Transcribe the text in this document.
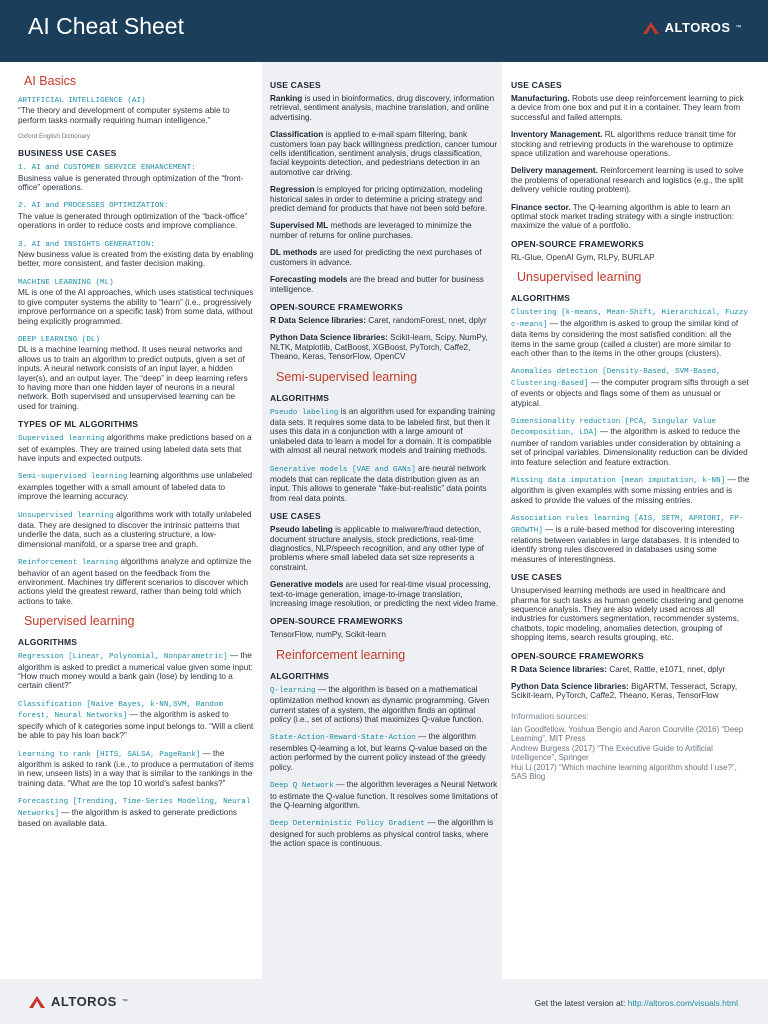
AI Cheat Sheet	ALTOROS ™
AI Basics
ARTIFICIAL INTELLIGENCE (AI)
“The theory and development of computer systems able to perform tasks normally requiring human intelligence.”
Oxford English Dictionary
BUSINESS USE CASES
1. AI and CUSTOMER SERVICE ENHANCEMENT:
Business value is generated through optimization of the “front-office” operations.
2. AI and PROCESSES OPTIMIZATION:
The value is generated through optimization of the “back-office” operations in order to reduce costs and improve compliance.
3. AI and INSIGHTS GENERATION:
New business value is created from the existing data by enabling better, more consistent, and faster decision making.
MACHINE LEARNING (ML)
ML is one of the AI approaches, which uses statistical techniques to give computer systems the ability to “learn” (i.e., progressively improve performance on a specific task) from some data, without being explicitly programmed.
DEEP LEARNING (DL)
DL is a machine learning method. It uses neural networks and allows us to train an algorithm to predict outputs, given a set of inputs. A neural network consists of an input layer, a hidden layer(s), and an output layer. The “deep” in deep learning refers to having more than one hidden layer of neurons in a neural network. Both supervised and unsupervised learning can be used for training.
TYPES OF ML ALGORITHMS
Supervised learning algorithms make predictions based on a set of examples. They are trained using labeled data sets that have inputs and expected outputs.
Semi-supervised learning learning algorithms use unlabeled examples together with a small amount of labeled data to improve the learning accuracy.
Unsupervised learning algorithms work with totally unlabeled data. They are designed to discover the intrinsic patterns that underlie the data, such as a clustering structure, a low-dimensional manifold, or a sparse tree and graph.
Reinforcement learning algorithms analyze and optimize the behavior of an agent based on the feedback from the environment. Machines try different scenarios to discover which actions yield the greatest reward, rather than being told which actions to take.
Supervised learning
ALGORITHMS
Regression [Linear, Polynomial, Nonparametric] — the algorithm is asked to predict a numerical value given some input: “How much money would a bank gain (lose) by lending to a certain client?”
Classification [Naive Bayes, k-NN,SVM, Random forest, Neural Networks] — the algorithm is asked to specify which of k categories some input belongs to. “Will a client be able to pay his loan back?”
Learning to rank [HITS, SALSA, PageRank] — the algorithm is asked to rank (i.e., to produce a permutation of items in new, unseen lists) in a way that is similar to the rankings in the training data. “What are the top 10 world’s safest banks?”
Forecasting [Trending, Time-Series Modeling, Neural Networks] — the algorithm is asked to generate predictions based on available data.
USE CASES
Ranking is used in bioinformatics, drug discovery, information retrieval, sentiment analysis, machine translation, and online advertising.
Classification is applied to e-mail spam filtering, bank customers loan pay back willingness prediction, cancer tumour cells identification, sentiment analysis, drugs classification, facial keypoints detection, and pedestrians detection in an automotive car driving.
Regression is employed for pricing optimization, modeling historical sales in order to determine a pricing strategy and predict demand for products that have not been sold before.
Supervised ML methods are leveraged to minimize the number of returns for online purchases.
DL methods are used for predicting the next purchases of customers in advance.
Forecasting models are the bread and butter for business intelligence.
OPEN-SOURCE FRAMEWORKS
R Data Science libraries: Caret, randomForest, nnet, dplyr
Python Data Science libraries: Scikit-learn, Scipy, NumPy, NLTK, Matplotlib, CatBoost, XGBoost, PyTorch, Caffe2, Theano, Keras, TensorFlow, OpenCV
Semi-supervised learning
ALGORITHMS
Pseudo labeling is an algorithm used for expanding training data sets. It requires some data to be labeled first, but then it uses this data in a conjunction with a large amount of unlabeled data to learn a model for a domain. It is compatible with almost all neural network models and training methods.
Generative models [VAE and GANs] are neural network models that can replicate the data distribution given as an input. This allows to generate “fake-but-realistic” data points from real data points.
USE CASES
Pseudo labeling is applicable to malware/fraud detection, document structure analysis, stock predictions, real-time diagnostics, NLP/speech recognition, and any other type of problems where small labeled data set size represents a constraint.
Generative models are used for real-time visual processing, text-to-image generation, image-to-image translation, increasing image resolution, or predicting the next video frame.
OPEN-SOURCE FRAMEWORKS
TensorFlow, numPy, Scikit-learn
Reinforcement learning
ALGORITHMS
Q-learning — the algorithm is based on a mathematical optimization method known as dynamic programming. Given current states of a system, the algorithm finds an optimal policy (i.e., set of actions) that maximizes Q-value function.
State-Action-Reward-State-Action — the algorithm resembles Q-learning a lot, but learns Q-value based on the action performed by the current policy instead of the greedy policy.
Deep Q Network — the algorithm leverages a Neural Network to estimate the Q-value function. It resolves some limitations of the Q-learning algorithm.
Deep Deterministic Policy Gradient — the algorithm is designed for such problems as physical control tasks, where the action space is continuous.
USE CASES
Manufacturing. Robots use deep reinforcement learning to pick a device from one box and put it in a container. They learn from successful and failed attempts.
Inventory Management. RL algorithms reduce transit time for stocking and retrieving products in the warehouse to optimize space utilization and warehouse operations.
Delivery management. Reinforcement learning is used to solve the problems of operational research and logistics (e.g., the split delivery vehicle routing problem).
Finance sector. The Q-learning algorithm is able to learn an optimal stock market trading strategy with a single instruction: maximize the value of a portfolio.
OPEN-SOURCE FRAMEWORKS
RL-Glue, OpenAI Gym, RLPy, BURLAP
Unsupervised learning
ALGORITHMS
Clustering [k-means, Mean-Shift, Hierarchical, Fuzzy c-means] — the algorithm is asked to group the similar kind of data items by considering the most satisfied condition: all the items in the same group (called a cluster) are more similar to each other than to the items in the other groups (clusters).
Anomalies detection [Density-Based, SVM-Based, Clustering-Based] — the computer program sifts through a set of events or objects and flags some of them as unusual or atypical.
Dimensionality reduction [PCA, Singular Value Decomposition, LDA] — the algorithm is asked to reduce the number of random variables under consideration by obtaining a set of principal variables. Dimensionality reduction can be divided into feature selection and feature extraction.
Missing data imputation [mean imputation, k-NN] — the algorithm is given examples with some missing entries and is asked to provide the values of the missing entries.
Association rules learning [AIS, SETM, APRIORI, FP-GROWTH] — is a rule-based method for discovering interesting relations between variables in large databases. It is intended to identify strong rules discovered in databases using some measures of interestingness.
USE CASES
Unsupervised learning methods are used in healthcare and pharma for such tasks as human genetic clustering and genome sequence analysis. They are also widely used across all industries for customers segmentation, recommender systems, chatbots, topic modeling, anomalies detection, grouping of shopping items, search results grouping, etc.
OPEN-SOURCE FRAMEWORKS
R Data Science libraries: Caret, Rattle, e1071, nnet, dplyr
Python Data Science libraries: BigARTM, Tesseract, Scrapy, Scikit-learn, PyTorch, Caffe2, Theano, Keras, TensorFlow
Information sources:
Ian Goodfellow, Yoshua Bengio and Aaron Courville (2016) “Deep Learning”, MIT Press
Andrew Burgess (2017) “The Executive Guide to Artificial Intelligence”, Springer
Hui Li (2017) “Which machine learning algorithm should I use?”, SAS Blog
ALTOROS ™	Get the latest version at: http://altoros.com/visuals.html
